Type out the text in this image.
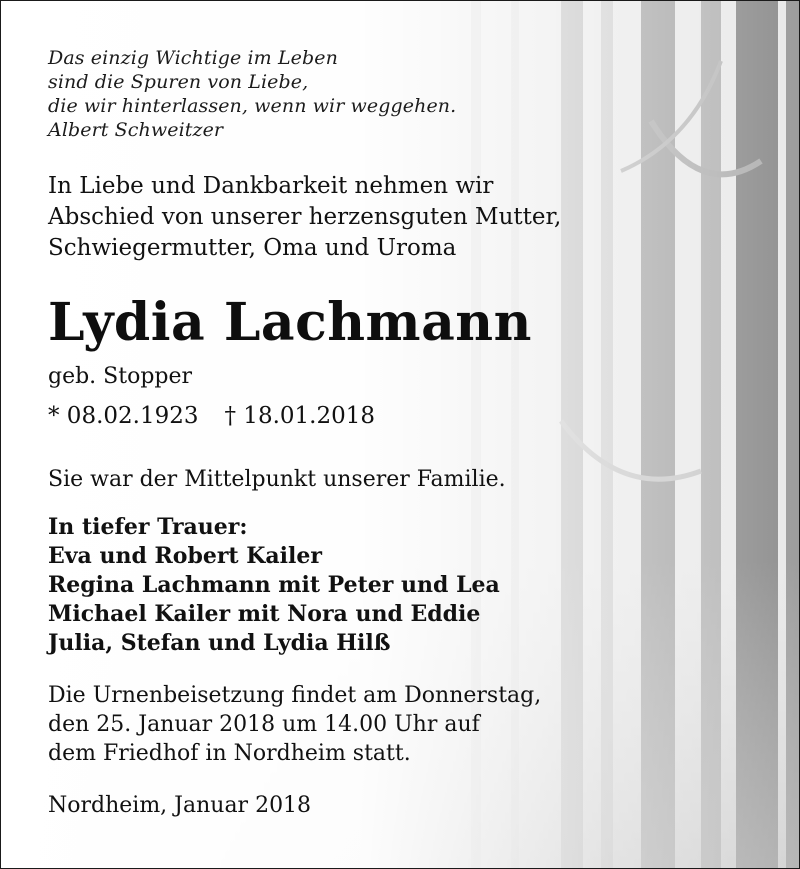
Das einzig Wichtige im Leben
sind die Spuren von Liebe,
die wir hinterlassen, wenn wir weggehen.
Albert Schweitzer
In Liebe und Dankbarkeit nehmen wir
Abschied von unserer herzensguten Mutter,
Schwiegermutter, Oma und Uroma
Lydia Lachmann
geb. Stopper
* 08.02.1923 † 18.01.2018
Sie war der Mittelpunkt unserer Familie.
In tiefer Trauer:
Eva und Robert Kailer
Regina Lachmann mit Peter und Lea
Michael Kailer mit Nora und Eddie
Julia, Stefan und Lydia Hilß
Die Urnenbeisetzung findet am Donnerstag,
den 25. Januar 2018 um 14.00 Uhr auf
dem Friedhof in Nordheim statt.
Nordheim, Januar 2018
